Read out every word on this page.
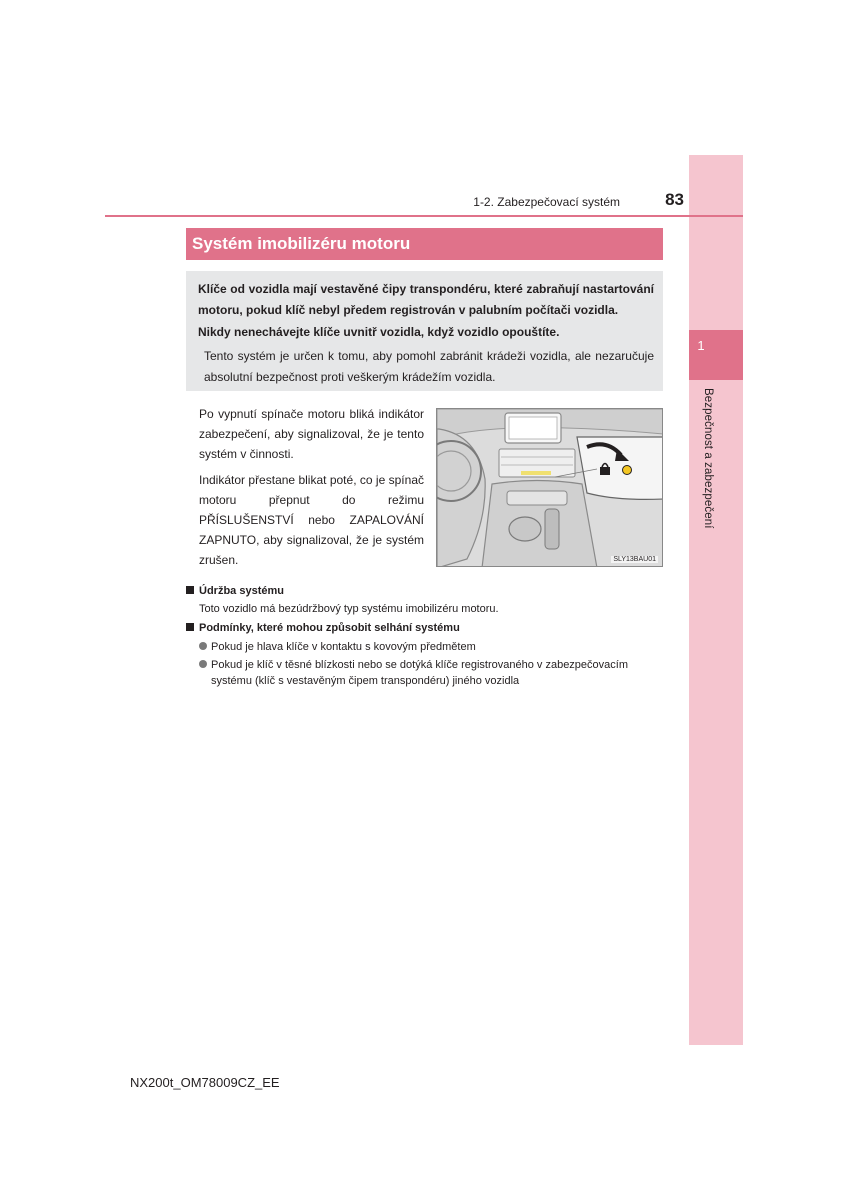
1
Bezpečnost a zabezpečení
1-2. Zabezpečovací systém	83
Systém imobilizéru motoru
Klíče od vozidla mají vestavěné čipy transpondéru, které zabraňují nastartování motoru, pokud klíč nebyl předem registrován v palubním počítači vozidla.
Nikdy nenechávejte klíče uvnitř vozidla, když vozidlo opouštíte.
Tento systém je určen k tomu, aby pomohl zabránit krádeži vozidla, ale nezaručuje absolutní bezpečnost proti veškerým krádežím vozidla.

Po vypnutí spínače motoru bliká indikátor zabezpečení, aby signalizoval, že je tento systém v činnosti.

Indikátor přestane blikat poté, co je spínač motoru přepnut do režimu PŘÍSLUŠENSTVÍ nebo ZAPALOVÁNÍ ZAPNUTO, aby signalizoval, že je systém zrušen.	SLY13BAU01
Údržba systému
Toto vozidlo má bezúdržbový typ systému imobilizéru motoru.
Podmínky, které mohou způsobit selhání systému
Pokud je hlava klíče v kontaktu s kovovým předmětem
Pokud je klíč v těsné blízkosti nebo se dotýká klíče registrovaného v zabezpečovacím
systému (klíč s vestavěným čipem transpondéru) jiného vozidla
NX200t_OM78009CZ_EE
